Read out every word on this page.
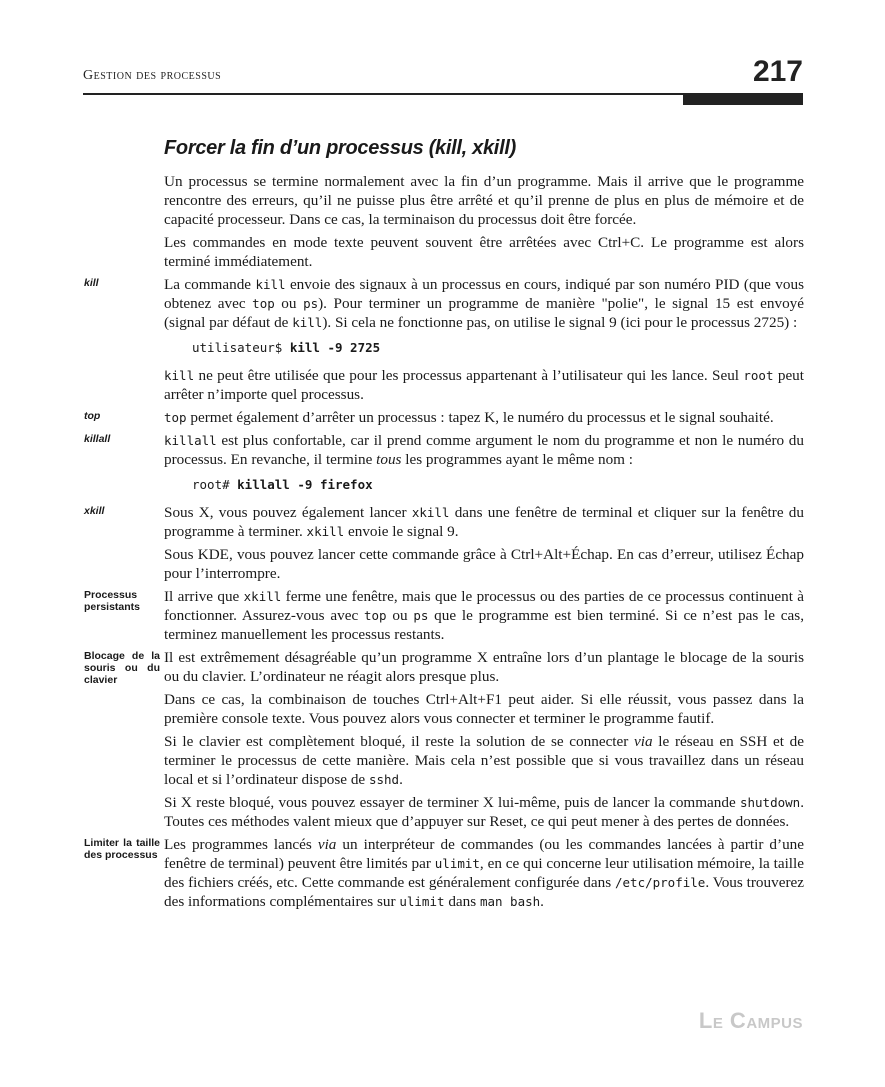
Gestion des processus	217
Forcer la fin d’un processus (kill, xkill)

Un processus se termine normalement avec la fin d’un programme. Mais il arrive que le programme rencontre des erreurs, qu’il ne puisse plus être arrêté et qu’il prenne de plus en plus de mémoire et de capacité processeur. Dans ce cas, la terminaison du processus doit être forcée.

Les commandes en mode texte peuvent souvent être arrêtées avec Ctrl+C. Le programme est alors terminé immédiatement.

kill	La commande kill envoie des signaux à un processus en cours, indiqué par son numéro PID (que vous obtenez avec top ou ps). Pour terminer un programme de manière "polie", le signal 15 est envoyé (signal par défaut de kill). Si cela ne fonctionne pas, on utilise le signal 9 (ici pour le processus 2725) :

utilisateur$ kill -9 2725

kill ne peut être utilisée que pour les processus appartenant à l’utilisateur qui les lance. Seul root peut arrêter n’importe quel processus.

top	top permet également d’arrêter un processus : tapez K, le numéro du processus et le signal souhaité.

killall	killall est plus confortable, car il prend comme argument le nom du programme et non le numéro du processus. En revanche, il termine tous les programmes ayant le même nom :

root# killall -9 firefox

xkill	Sous X, vous pouvez également lancer xkill dans une fenêtre de terminal et cliquer sur la fenêtre du programme à terminer. xkill envoie le signal 9.

Sous KDE, vous pouvez lancer cette commande grâce à Ctrl+Alt+Échap. En cas d’erreur, utilisez Échap pour l’interrompre.

Processus persistants
Il arrive que xkill ferme une fenêtre, mais que le processus ou des parties de ce processus continuent à fonctionner. Assurez-vous avec top ou ps que le programme est bien terminé. Si ce n’est pas le cas, terminez manuellement les processus restants.

Blocage de la souris ou du clavier
Il est extrêmement désagréable qu’un programme X entraîne lors d’un plantage le blocage de la souris ou du clavier. L’ordinateur ne réagit alors presque plus.

Dans ce cas, la combinaison de touches Ctrl+Alt+F1 peut aider. Si elle réussit, vous passez dans la première console texte. Vous pouvez alors vous connecter et terminer le programme fautif.

Si le clavier est complètement bloqué, il reste la solution de se connecter via le réseau en SSH et de terminer le processus de cette manière. Mais cela n’est possible que si vous travaillez dans un réseau local et si l’ordinateur dispose de sshd.

Si X reste bloqué, vous pouvez essayer de terminer X lui-même, puis de lancer la commande shutdown. Toutes ces méthodes valent mieux que d’appuyer sur Reset, ce qui peut mener à des pertes de données.

Limiter la taille des processus
Les programmes lancés via un interpréteur de commandes (ou les commandes lancées à partir d’une fenêtre de terminal) peuvent être limités par ulimit, en ce qui concerne leur utilisation mémoire, la taille des fichiers créés, etc. Cette commande est généralement configurée dans /etc/profile. Vous trouverez des informations complémentaires sur ulimit dans man bash.

Le Campus
